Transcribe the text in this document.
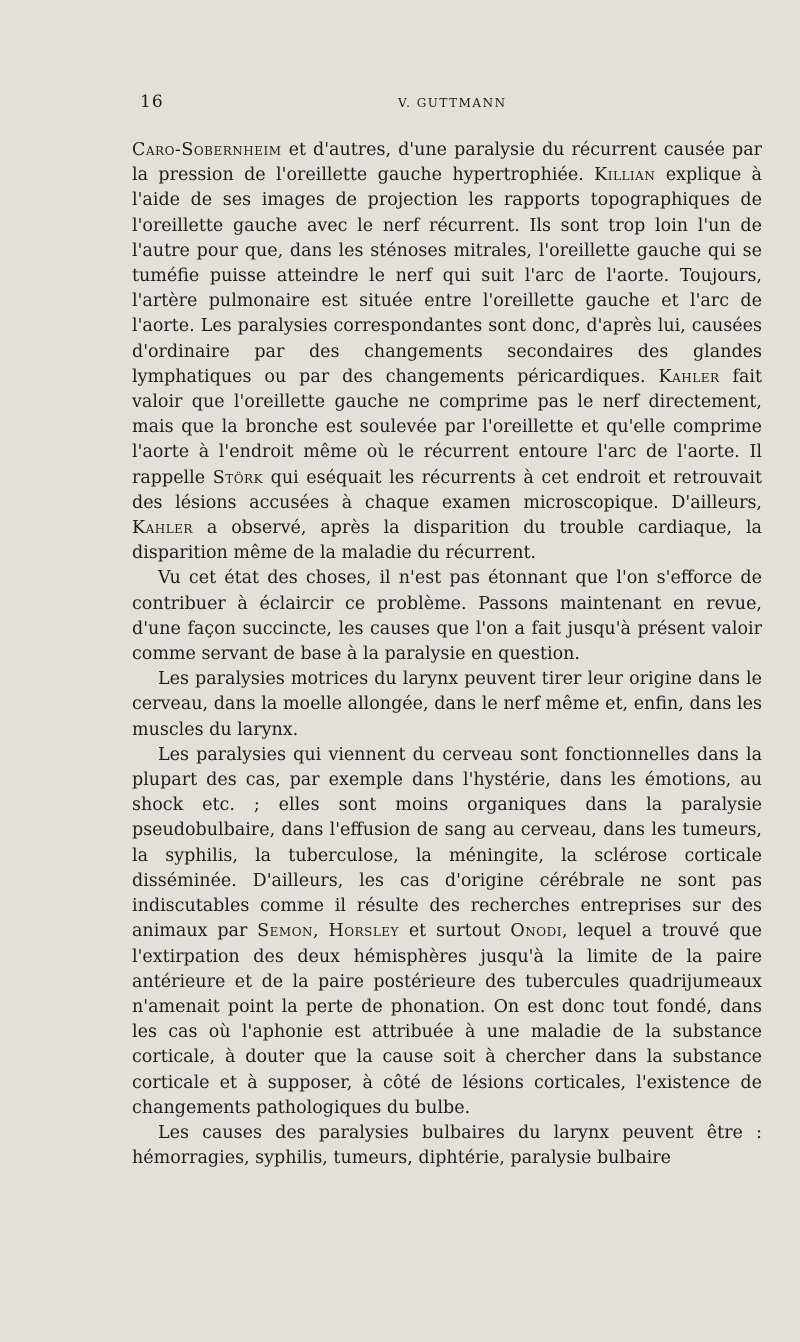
16	V. GUTTMANN

Caro-Sobernheim et d'autres, d'une paralysie du récurrent causée par la pression de l'oreillette gauche hypertrophiée. Killian explique à l'aide de ses images de projection les rapports topographiques de l'oreillette gauche avec le nerf récurrent. Ils sont trop loin l'un de l'autre pour que, dans les sténoses mitrales, l'oreillette gauche qui se tuméfie puisse atteindre le nerf qui suit l'arc de l'aorte. Toujours, l'artère pulmonaire est située entre l'oreillette gauche et l'arc de l'aorte. Les paralysies correspondantes sont donc, d'après lui, causées d'ordinaire par des changements secondaires des glandes lymphatiques ou par des changements péricardiques. Kahler fait valoir que l'oreillette gauche ne comprime pas le nerf directement, mais que la bronche est soulevée par l'oreillette et qu'elle comprime l'aorte à l'endroit même où le récurrent entoure l'arc de l'aorte. Il rappelle Störk qui eséquait les récurrents à cet endroit et retrouvait des lésions accusées à chaque examen microscopique. D'ailleurs, Kahler a observé, après la disparition du trouble cardiaque, la disparition même de la maladie du récurrent.

Vu cet état des choses, il n'est pas étonnant que l'on s'efforce de contribuer à éclaircir ce problème. Passons maintenant en revue, d'une façon succincte, les causes que l'on a fait jusqu'à présent valoir comme servant de base à la paralysie en question.

Les paralysies motrices du larynx peuvent tirer leur origine dans le cerveau, dans la moelle allongée, dans le nerf même et, enfin, dans les muscles du larynx.

Les paralysies qui viennent du cerveau sont fonctionnelles dans la plupart des cas, par exemple dans l'hystérie, dans les émotions, au shock etc. ; elles sont moins organiques dans la paralysie pseudobulbaire, dans l'effusion de sang au cerveau, dans les tumeurs, la syphilis, la tuberculose, la méningite, la sclérose corticale disséminée. D'ailleurs, les cas d'origine cérébrale ne sont pas indiscutables comme il résulte des recherches entreprises sur des animaux par Semon, Horsley et surtout Onodi, lequel a trouvé que l'extirpation des deux hémisphères jusqu'à la limite de la paire antérieure et de la paire postérieure des tubercules quadrijumeaux n'amenait point la perte de phonation. On est donc tout fondé, dans les cas où l'aphonie est attribuée à une maladie de la substance corticale, à douter que la cause soit à chercher dans la substance corticale et à supposer, à côté de lésions corticales, l'existence de changements pathologiques du bulbe.

Les causes des paralysies bulbaires du larynx peuvent être : hémorragies, syphilis, tumeurs, diphtérie, paralysie bulbaire
